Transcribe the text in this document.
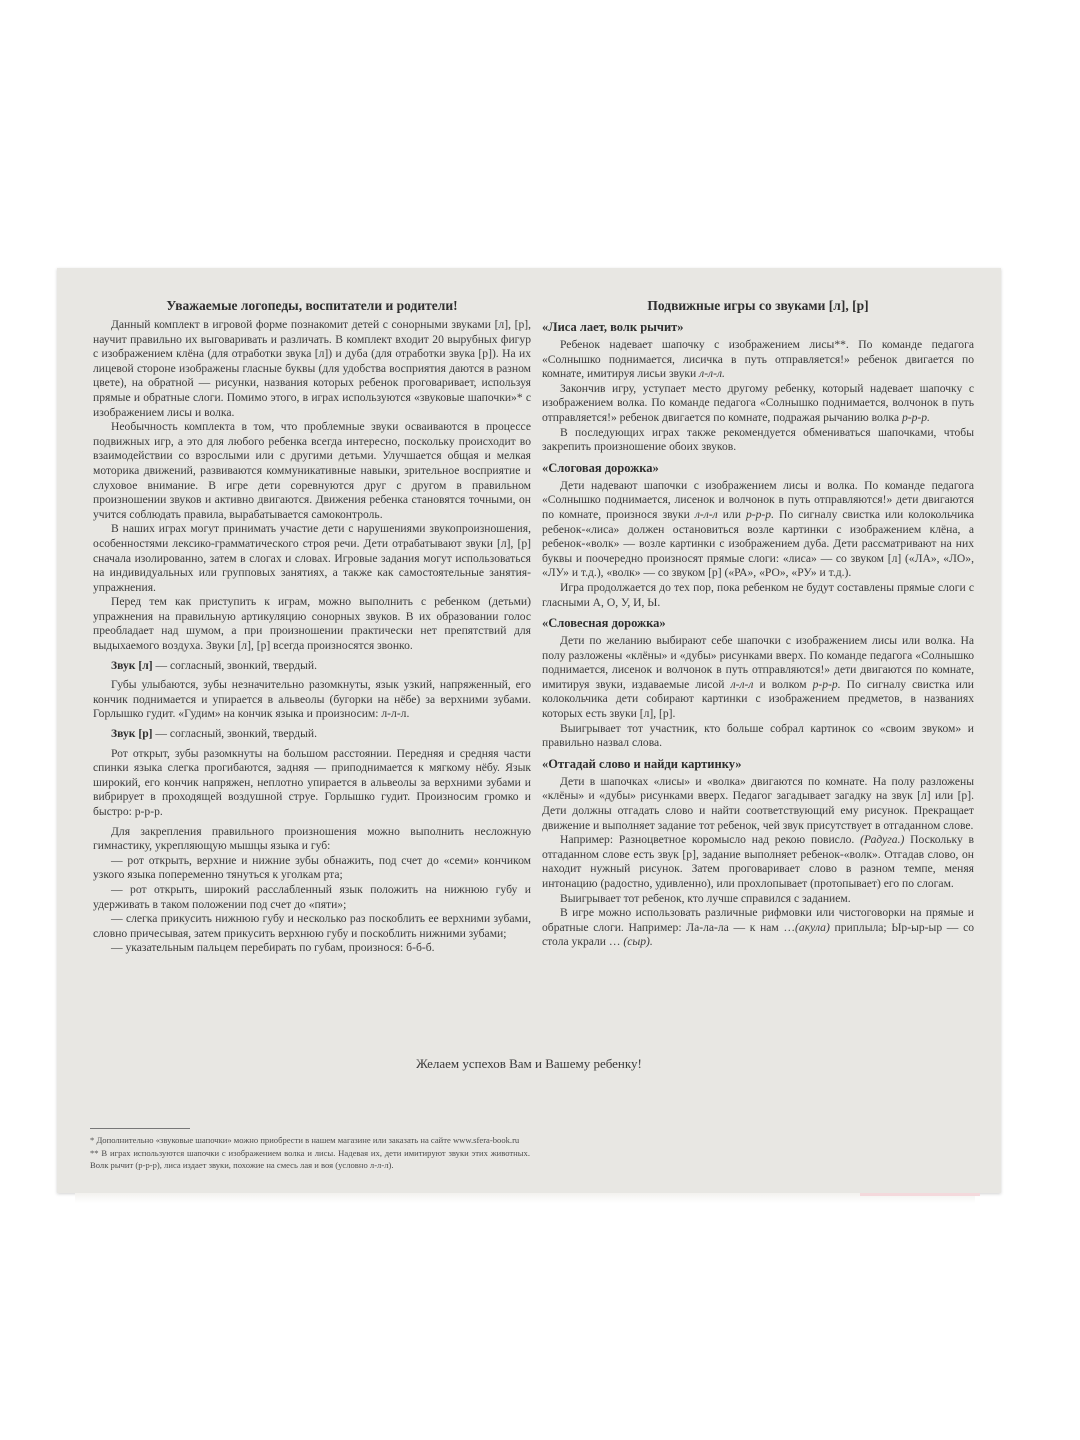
Уважаемые логопеды, воспитатели и родители!

Данный комплект в игровой форме познакомит детей с сонорными звуками [л], [р], научит правильно их выговаривать и различать. В комплект входит 20 вырубных фигур с изображением клёна (для отработки звука [л]) и дуба (для отработки звука [р]). На их лицевой стороне изображены гласные буквы (для удобства восприятия даются в разном цвете), на обратной — рисунки, названия которых ребенок проговаривает, используя прямые и обратные слоги. Помимо этого, в играх используются «звуковые шапочки»* с изображением лисы и волка.

Необычность комплекта в том, что проблемные звуки осваиваются в процессе подвижных игр, а это для любого ребенка всегда интересно, поскольку происходит во взаимодействии со взрослыми или с другими детьми. Улучшается общая и мелкая моторика движений, развиваются коммуникативные навыки, зрительное восприятие и слуховое внимание. В игре дети соревнуются друг с другом в правильном произношении звуков и активно двигаются. Движения ребенка становятся точными, он учится соблюдать правила, вырабатывается самоконтроль.

В наших играх могут принимать участие дети с нарушениями звукопроизношения, особенностями лексико-грамматического строя речи. Дети отрабатывают звуки [л], [р] сначала изолированно, затем в слогах и словах. Игровые задания могут использоваться на индивидуальных или групповых занятиях, а также как самостоятельные занятия-упражнения.

Перед тем как приступить к играм, можно выполнить с ребенком (детьми) упражнения на правильную артикуляцию сонорных звуков. В их образовании голос преобладает над шумом, а при произношении практически нет препятствий для выдыхаемого воздуха. Звуки [л], [р] всегда произносятся звонко.

Звук [л] — согласный, звонкий, твердый.

Губы улыбаются, зубы незначительно разомкнуты, язык узкий, напряженный, его кончик поднимается и упирается в альвеолы (бугорки на нёбе) за верхними зубами. Горлышко гудит. «Гудим» на кончик языка и произносим: л-л-л.

Звук [р] — согласный, звонкий, твердый.

Рот открыт, зубы разомкнуты на большом расстоянии. Передняя и средняя части спинки языка слегка прогибаются, задняя — приподнимается к мягкому нёбу. Язык широкий, его кончик напряжен, неплотно упирается в альвеолы за верхними зубами и вибрирует в проходящей воздушной струе. Горлышко гудит. Произносим громко и быстро: р-р-р.

Для закрепления правильного произношения можно выполнить несложную гимнастику, укрепляющую мышцы языка и губ:

— рот открыть, верхние и нижние зубы обнажить, под счет до «семи» кончиком узкого языка попеременно тянуться к уголкам рта;

— рот открыть, широкий расслабленный язык положить на нижнюю губу и удерживать в таком положении под счет до «пяти»;

— слегка прикусить нижнюю губу и несколько раз поскоблить ее верхними зубами, словно причесывая, затем прикусить верхнюю губу и поскоблить нижними зубами;

— указательным пальцем перебирать по губам, произнося: б-б-б.

Подвижные игры со звуками [л], [р]
«Лиса лает, волк рычит»

Ребенок надевает шапочку с изображением лисы**. По команде педагога «Солнышко поднимается, лисичка в путь отправляется!» ребенок двигается по комнате, имитируя лисьи звуки л-л-л.

Закончив игру, уступает место другому ребенку, который надевает шапочку с изображением волка. По команде педагога «Солнышко поднимается, волчонок в путь отправляется!» ребенок двигается по комнате, подражая рычанию волка р-р-р.

В последующих играх также рекомендуется обмениваться шапочками, чтобы закрепить произношение обоих звуков.

«Слоговая дорожка»

Дети надевают шапочки с изображением лисы и волка. По команде педагога «Солнышко поднимается, лисенок и волчонок в путь отправляются!» дети двигаются по комнате, произнося звуки л-л-л или р-р-р. По сигналу свистка или колокольчика ребенок-«лиса» должен остановиться возле картинки с изображением клёна, а ребенок-«волк» — возле картинки с изображением дуба. Дети рассматривают на них буквы и поочередно произносят прямые слоги: «лиса» — со звуком [л] («ЛА», «ЛО», «ЛУ» и т.д.), «волк» — со звуком [р] («РА», «РО», «РУ» и т.д.).

Игра продолжается до тех пор, пока ребенком не будут составлены прямые слоги с гласными А, О, У, И, Ы.

«Словесная дорожка»

Дети по желанию выбирают себе шапочки с изображением лисы или волка. На полу разложены «клёны» и «дубы» рисунками вверх. По команде педагога «Солнышко поднимается, лисенок и волчонок в путь отправляются!» дети двигаются по комнате, имитируя звуки, издаваемые лисой л-л-л и волком р-р-р. По сигналу свистка или колокольчика дети собирают картинки с изображением предметов, в названиях которых есть звуки [л], [р].

Выигрывает тот участник, кто больше собрал картинок со «своим звуком» и правильно назвал слова.

«Отгадай слово и найди картинку»

Дети в шапочках «лисы» и «волка» двигаются по комнате. На полу разложены «клёны» и «дубы» рисунками вверх. Педагог загадывает загадку на звук [л] или [р]. Дети должны отгадать слово и найти соответствующий ему рисунок. Прекращает движение и выполняет задание тот ребенок, чей звук присутствует в отгаданном слове.

Например: Разноцветное коромысло над рекою повисло. (Радуга.) Поскольку в отгаданном слове есть звук [р], задание выполняет ребенок-«волк». Отгадав слово, он находит нужный рисунок. Затем проговаривает слово в разном темпе, меняя интонацию (радостно, удивленно), или прохлопывает (протопывает) его по слогам.

Выигрывает тот ребенок, кто лучше справился с заданием.

В игре можно использовать различные рифмовки или чистоговорки на прямые и обратные слоги. Например: Ла-ла-ла — к нам …(акула) приплыла; Ыр-ыр-ыр — со стола украли … (сыр).

Желаем успехов Вам и Вашему ребенку!
* Дополнительно «звуковые шапочки» можно приобрести в нашем магазине или заказать на сайте www.sfera-book.ru
** В играх используются шапочки с изображением волка и лисы. Надевая их, дети имитируют звуки этих животных. Волк рычит (р-р-р), лиса издает звуки, похожие на смесь лая и воя (условно л-л-л).
